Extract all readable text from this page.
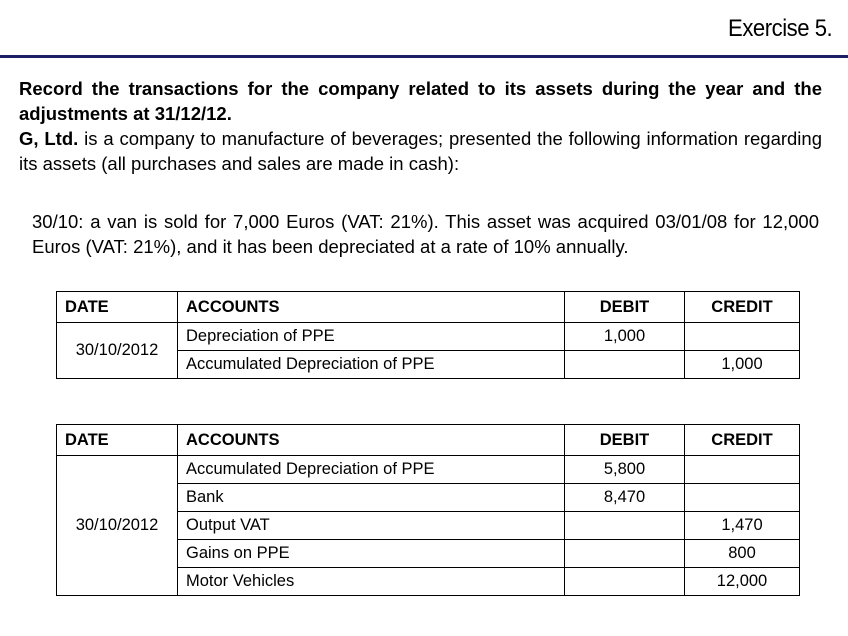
Exercise 5.

Record the transactions for the company related to its assets during the year and the adjustments at 31/12/12.

G, Ltd. is a company to manufacture of beverages; presented the following information regarding its assets (all purchases and sales are made in cash):

30/10: a van is sold for 7,000 Euros (VAT: 21%). This asset was acquired 03/01/08 for 12,000 Euros (VAT: 21%), and it has been depreciated at a rate of 10% annually.
DATE	ACCOUNTS	DEBIT	CREDIT
30/10/2012	Depreciation of PPE	1,000	
	Accumulated Depreciation of PPE		1,000
DATE	ACCOUNTS	DEBIT	CREDIT
30/10/2012	Accumulated Depreciation of PPE	5,800	
	Bank	8,470	
	Output VAT		1,470
	Gains on PPE		800
	Motor Vehicles		12,000
